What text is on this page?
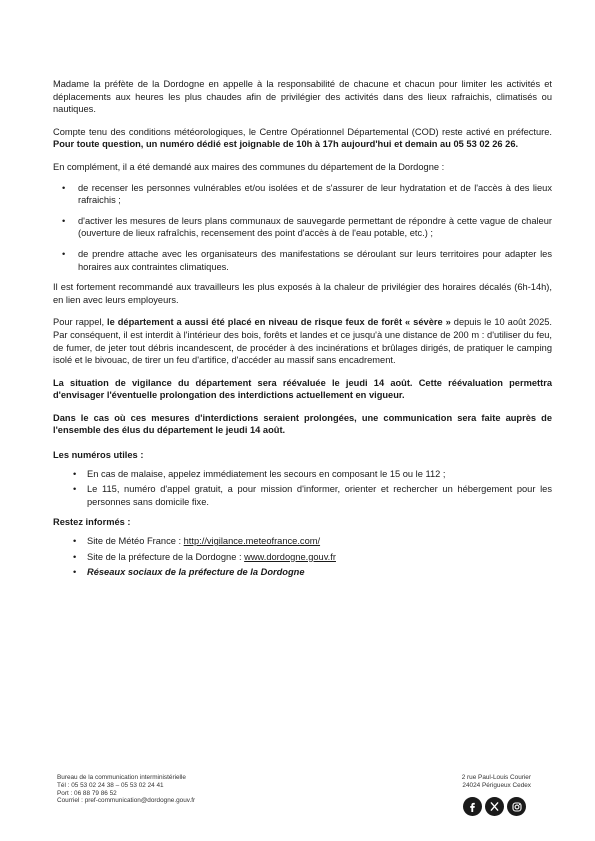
Madame la préfète de la Dordogne en appelle à la responsabilité de chacune et chacun pour limiter les activités et déplacements aux heures les plus chaudes afin de privilégier des activités dans des lieux rafraichis, climatisés ou nautiques.

Compte tenu des conditions météorologiques, le Centre Opérationnel Départemental (COD) reste activé en préfecture. Pour toute question, un numéro dédié est joignable de 10h à 17h aujourd'hui et demain au 05 53 02 26 26.

En complément, il a été demandé aux maires des communes du département de la Dordogne :

• de recenser les personnes vulnérables et/ou isolées et de s'assurer de leur hydratation et de l'accès à des lieux rafraichis ;
• d'activer les mesures de leurs plans communaux de sauvegarde permettant de répondre à cette vague de chaleur (ouverture de lieux rafraîchis, recensement des point d'accès à de l'eau potable, etc.) ;
• de prendre attache avec les organisateurs des manifestations se déroulant sur leurs territoires pour adapter les horaires aux contraintes climatiques.

Il est fortement recommandé aux travailleurs les plus exposés à la chaleur de privilégier des horaires décalés (6h-14h), en lien avec leurs employeurs.

Pour rappel, le département a aussi été placé en niveau de risque feux de forêt « sévère » depuis le 10 août 2025. Par conséquent, il est interdit à l'intérieur des bois, forêts et landes et ce jusqu'à une distance de 200 m : d'utiliser du feu, de fumer, de jeter tout débris incandescent, de procéder à des incinérations et brûlages dirigés, de pratiquer le camping isolé et le bivouac, de tirer un feu d'artifice, d'accéder au massif sans encadrement.

La situation de vigilance du département sera réévaluée le jeudi 14 août. Cette réévaluation permettra d'envisager l'éventuelle prolongation des interdictions actuellement en vigueur.

Dans le cas où ces mesures d'interdictions seraient prolongées, une communication sera faite auprès de l'ensemble des élus du département le jeudi 14 août.

Les numéros utiles :
• En cas de malaise, appelez immédiatement les secours en composant le 15 ou le 112 ;
• Le 115, numéro d'appel gratuit, a pour mission d'informer, orienter et rechercher un hébergement pour les personnes sans domicile fixe.
Restez informés :
• Site de Météo France : http://vigilance.meteofrance.com/
• Site de la préfecture de la Dordogne : www.dordogne.gouv.fr
• Réseaux sociaux de la préfecture de la Dordogne
Bureau de la communication interministérielle
Tél : 05 53 02 24 38 – 05 53 02 24 41
Port : 06 88 79 86 52
Courriel : pref-communication@dordogne.gouv.fr
2 rue Paul-Louis Courier
24024 Périgueux Cedex
